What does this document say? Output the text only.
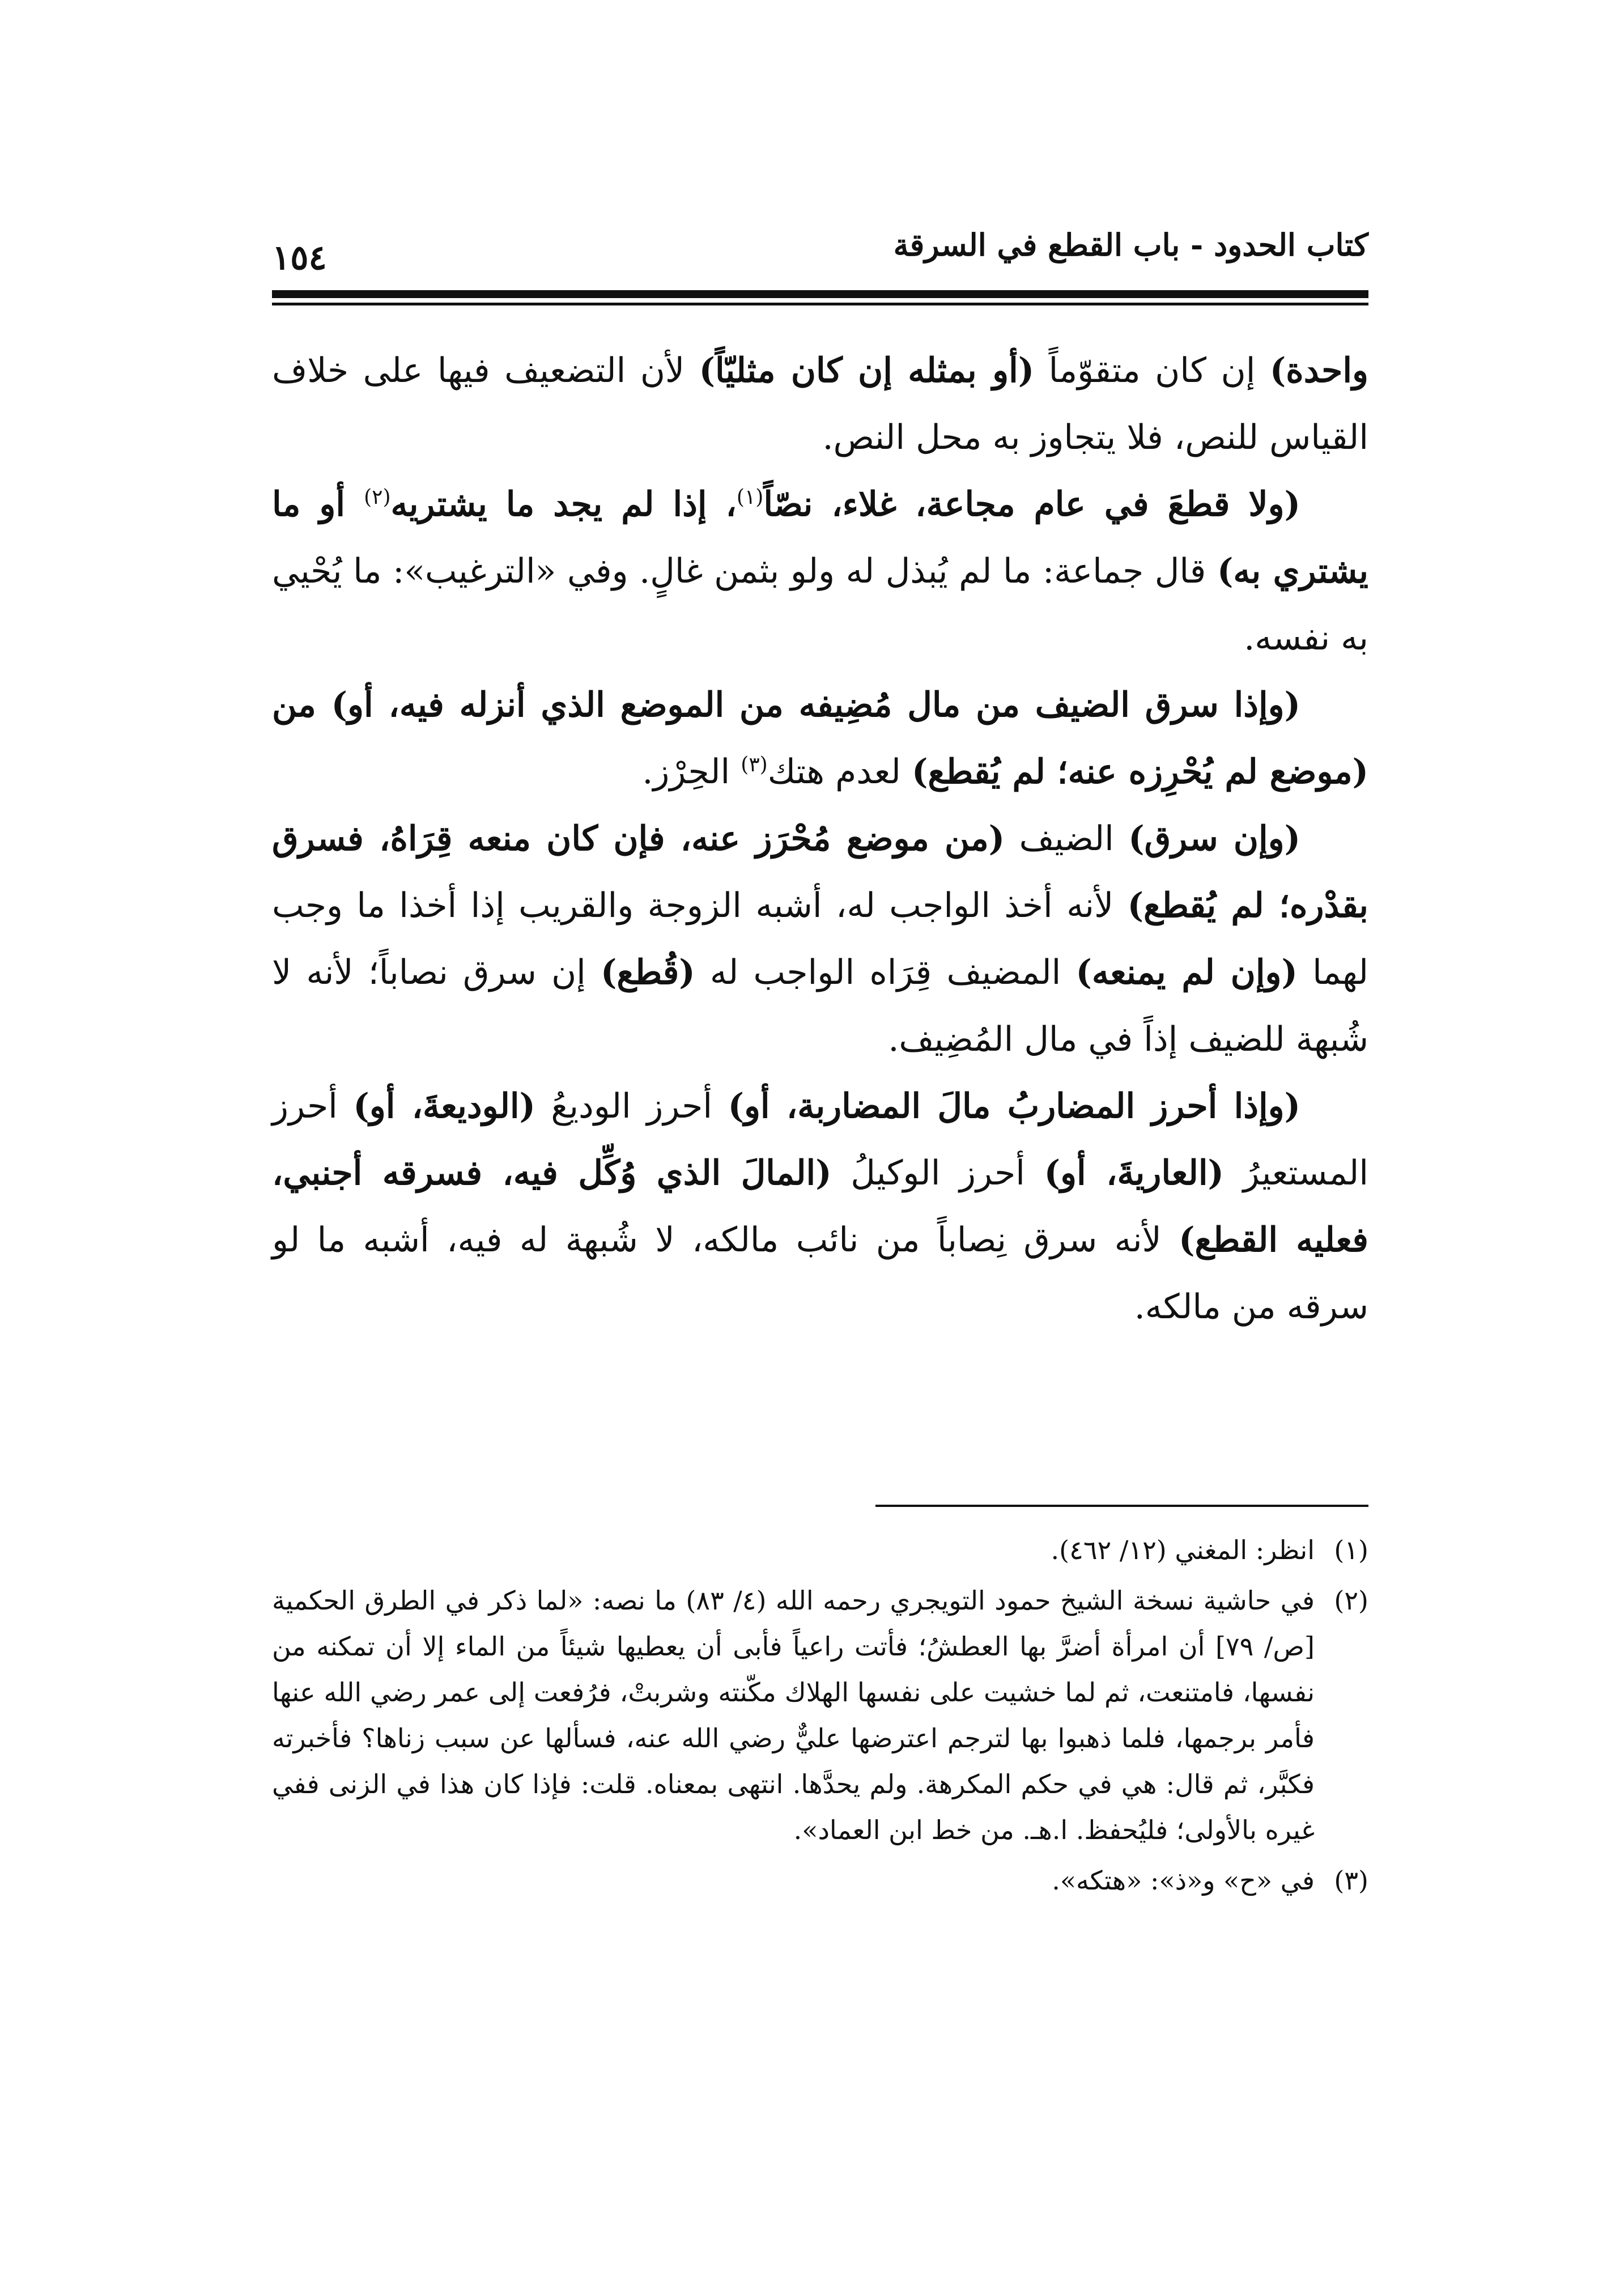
كتاب الحدود - باب القطع في السرقة
١٥٤

واحدة) إن كان متقوّماً (أو بمثله إن كان مثليّاً) لأن التضعيف فيها على خلاف القياس للنص، فلا يتجاوز به محل النص.

(ولا قطعَ في عام مجاعة، غلاء، نصّاً$^{(١)}$، إذا لم يجد ما يشتريه$^{(٢)}$ أو ما يشتري به) قال جماعة: ما لم يُبذل له ولو بثمن غالٍ. وفي «الترغيب»: ما يُحْيي به نفسه.

(وإذا سرق الضيف من مال مُضِيفه من الموضع الذي أنزله فيه، أو) من (موضع لم يُحْرِزه عنه؛ لم يُقطع) لعدم هتك$^{(٣)}$ الحِرْز.

(وإن سرق) الضيف (من موضع مُحْرَز عنه، فإن كان منعه قِرَاهُ، فسرق بقدْره؛ لم يُقطع) لأنه أخذ الواجب له، أشبه الزوجة والقريب إذا أخذا ما وجب لهما (وإن لم يمنعه) المضيف قِرَاه الواجب له (قُطع) إن سرق نصاباً؛ لأنه لا شُبهة للضيف إذاً في مال المُضِيف.

(وإذا أحرز المضاربُ مالَ المضاربة، أو) أحرز الوديعُ (الوديعةَ، أو) أحرز المستعيرُ (العاريةَ، أو) أحرز الوكيلُ (المالَ الذي وُكِّل فيه، فسرقه أجنبي، فعليه القطع) لأنه سرق نِصاباً من نائب مالكه، لا شُبهة له فيه، أشبه ما لو سرقه من مالكه.

(١)
انظر: المغني (١٢/ ٤٦٢).
(٢)
في حاشية نسخة الشيخ حمود التويجري رحمه الله (٤/ ٨٣) ما نصه: «لما ذكر في الطرق الحكمية [ص/ ٧٩] أن امرأة أضرَّ بها العطشُ؛ فأتت راعياً فأبى أن يعطيها شيئاً من الماء إلا أن تمكنه من نفسها، فامتنعت، ثم لما خشيت على نفسها الهلاك مكّنته وشربتْ، فرُفعت إلى عمر رضي الله عنها فأمر برجمها، فلما ذهبوا بها لترجم اعترضها عليٌّ رضي الله عنه، فسألها عن سبب زناها؟ فأخبرته فكبَّر، ثم قال: هي في حكم المكرهة. ولم يحدَّها. انتهى بمعناه. قلت: فإذا كان هذا في الزنى ففي غيره بالأولى؛ فليُحفظ. ا.هـ. من خط ابن العماد».
(٣)
في «ح» و«ذ»: «هتكه».
